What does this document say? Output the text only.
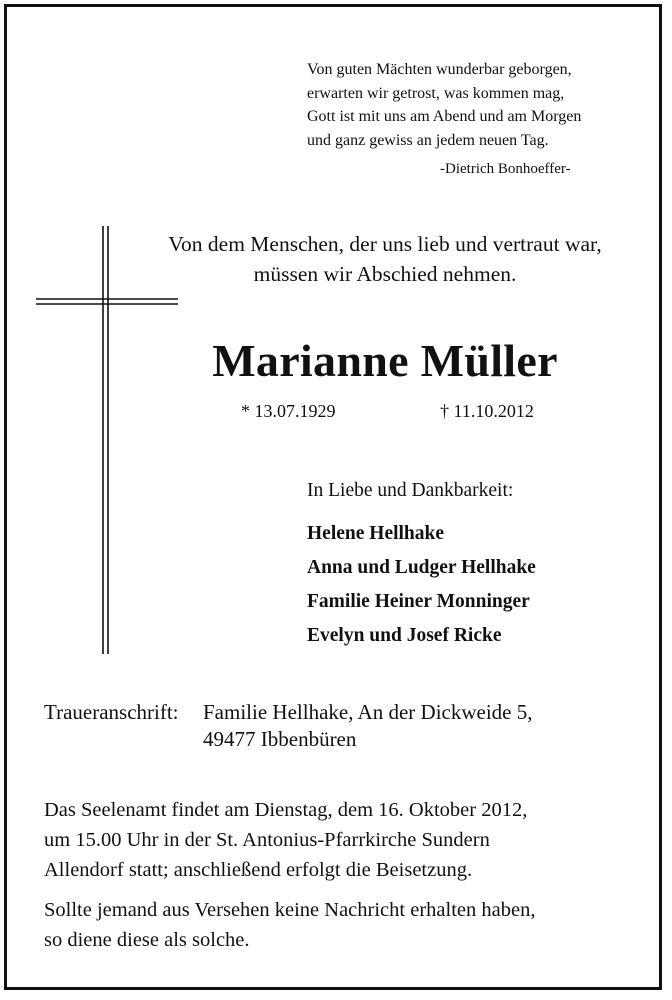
Von guten Mächten wunderbar geborgen,
erwarten wir getrost, was kommen mag,
Gott ist mit uns am Abend und am Morgen
und ganz gewiss an jedem neuen Tag.
-Dietrich Bonhoeffer-
Von dem Menschen, der uns lieb und vertraut war, müssen wir Abschied nehmen.
Marianne Müller
* 13.07.1929	† 11.10.2012
In Liebe und Dankbarkeit:
Helene Hellhake
Anna und Ludger Hellhake
Familie Heiner Monninger
Evelyn und Josef Ricke
Traueranschrift: Familie Hellhake, An der Dickweide 5,
49477 Ibbenbüren
Das Seelenamt findet am Dienstag, dem 16. Oktober 2012,
um 15.00 Uhr in der St. Antonius-Pfarrkirche Sundern
Allendorf statt; anschließend erfolgt die Beisetzung.
Sollte jemand aus Versehen keine Nachricht erhalten haben,
so diene diese als solche.
